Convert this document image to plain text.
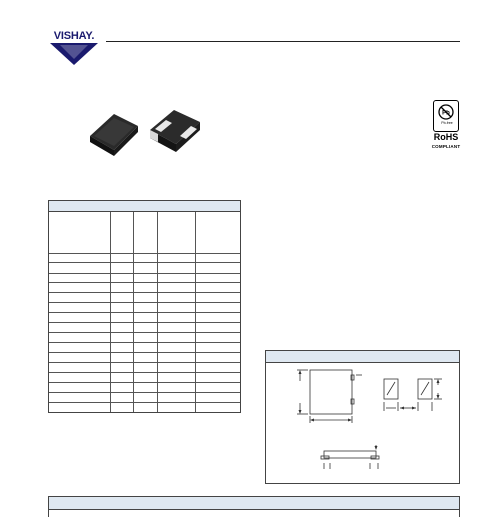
VISHAY.
Pb
Pb-free
RoHS
COMPLIANT
